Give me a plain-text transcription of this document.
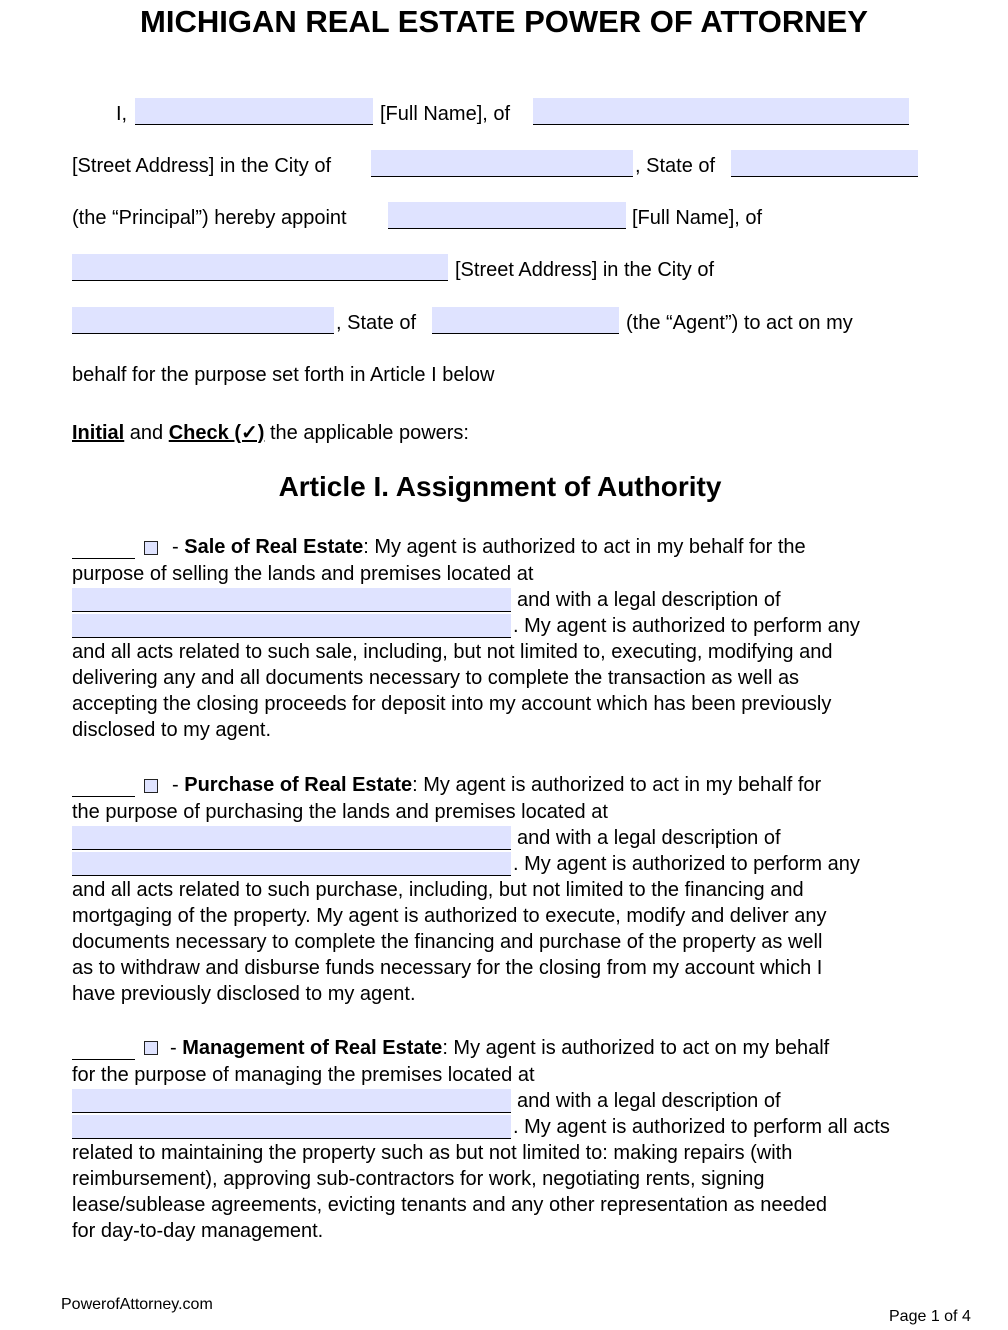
MICHIGAN REAL ESTATE POWER OF ATTORNEY
I,	[Full Name], of
[Street Address] in the City of	, State of
(the “Principal”) hereby appoint	[Full Name], of
[Street Address] in the City of
, State of	(the “Agent”) to act on my
behalf for the purpose set forth in Article I below
Initial and Check (✓) the applicable powers:
Article I. Assignment of Authority
- Sale of Real Estate: My agent is authorized to act in my behalf for the
purpose of selling the lands and premises located at
and with a legal description of
. My agent is authorized to perform any
and all acts related to such sale, including, but not limited to, executing, modifying and
delivering any and all documents necessary to complete the transaction as well as
accepting the closing proceeds for deposit into my account which has been previously
disclosed to my agent.
- Purchase of Real Estate: My agent is authorized to act in my behalf for
the purpose of purchasing the lands and premises located at
and with a legal description of
. My agent is authorized to perform any
and all acts related to such purchase, including, but not limited to the financing and
mortgaging of the property. My agent is authorized to execute, modify and deliver any
documents necessary to complete the financing and purchase of the property as well
as to withdraw and disburse funds necessary for the closing from my account which I
have previously disclosed to my agent.
- Management of Real Estate: My agent is authorized to act on my behalf
for the purpose of managing the premises located at
and with a legal description of
. My agent is authorized to perform all acts
related to maintaining the property such as but not limited to: making repairs (with
reimbursement), approving sub-contractors for work, negotiating rents, signing
lease/sublease agreements, evicting tenants and any other representation as needed
for day-to-day management.
PowerofAttorney.com
Page 1 of 4
